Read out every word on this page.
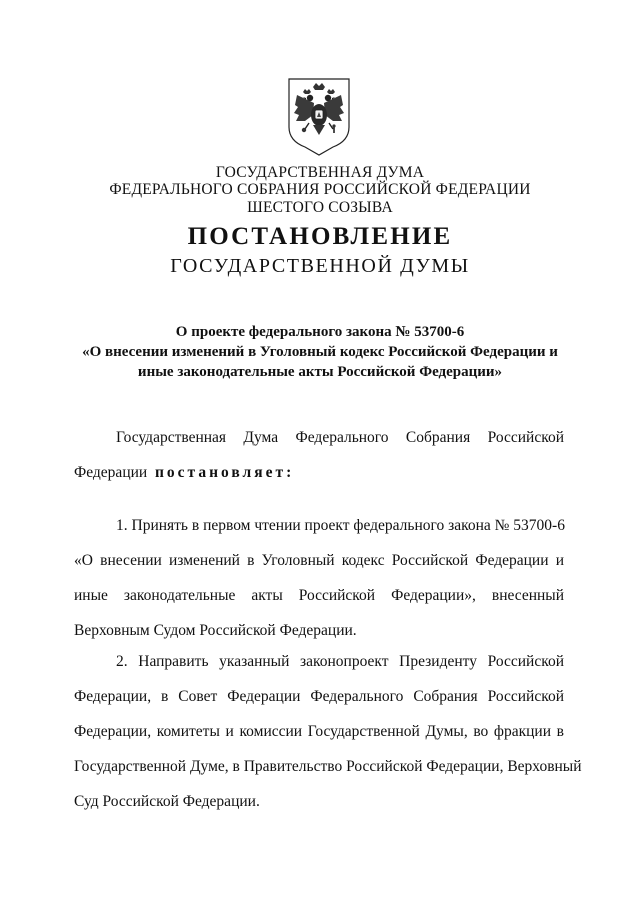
ГОСУДАРСТВЕННАЯ ДУМА
ФЕДЕРАЛЬНОГО СОБРАНИЯ РОССИЙСКОЙ ФЕДЕРАЦИИ
ШЕСТОГО СОЗЫВА
ПОСТАНОВЛЕНИЕ
ГОСУДАРСТВЕННОЙ ДУМЫ
О проекте федерального закона № 53700-6
«О внесении изменений в Уголовный кодекс Российской Федерации и
иные законодательные акты Российской Федерации»
Государственная Дума Федерального Собрания Российской
Федерации постановляет:
1. Принять в первом чтении проект федерального закона № 53700-6
«О внесении изменений в Уголовный кодекс Российской Федерации и
иные законодательные акты Российской Федерации», внесенный
Верховным Судом Российской Федерации.
2. Направить указанный законопроект Президенту Российской
Федерации, в Совет Федерации Федерального Собрания Российской
Федерации, комитеты и комиссии Государственной Думы, во фракции в
Государственной Думе, в Правительство Российской Федерации, Верховный
Суд Российской Федерации.
